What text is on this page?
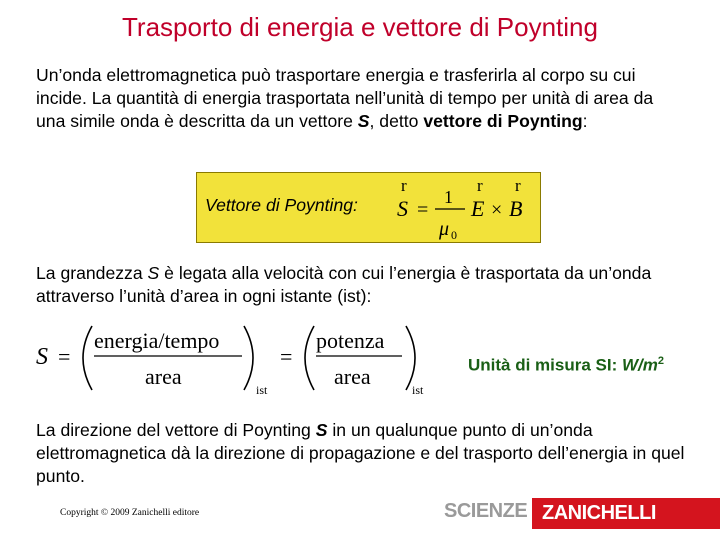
Trasporto di energia e vettore di Poynting
Un’onda elettromagnetica può trasportare energia e trasferirla al corpo su cui incide. La quantità di energia trasportata nell’unità di tempo per unità di area da una simile onda è descritta da un vettore S, detto vettore di Poynting:
Vettore di Poynting:
r
S =
1
μ 0
r
E ×
r
B
La grandezza S è legata alla velocità con cui l’energia è trasportata da un’onda attraverso l’unità d’area in ogni istante (ist):
S =
energia/tempo
area
ist
=
potenza
area
ist
Unità di misura SI: $W/m^2$
La direzione del vettore di Poynting S in un qualunque punto di un’onda elettromagnetica dà la direzione di propagazione e del trasporto dell’energia in quel punto.
Copyright © 2009 Zanichelli editore	SCIENZE ZANICHELLI
